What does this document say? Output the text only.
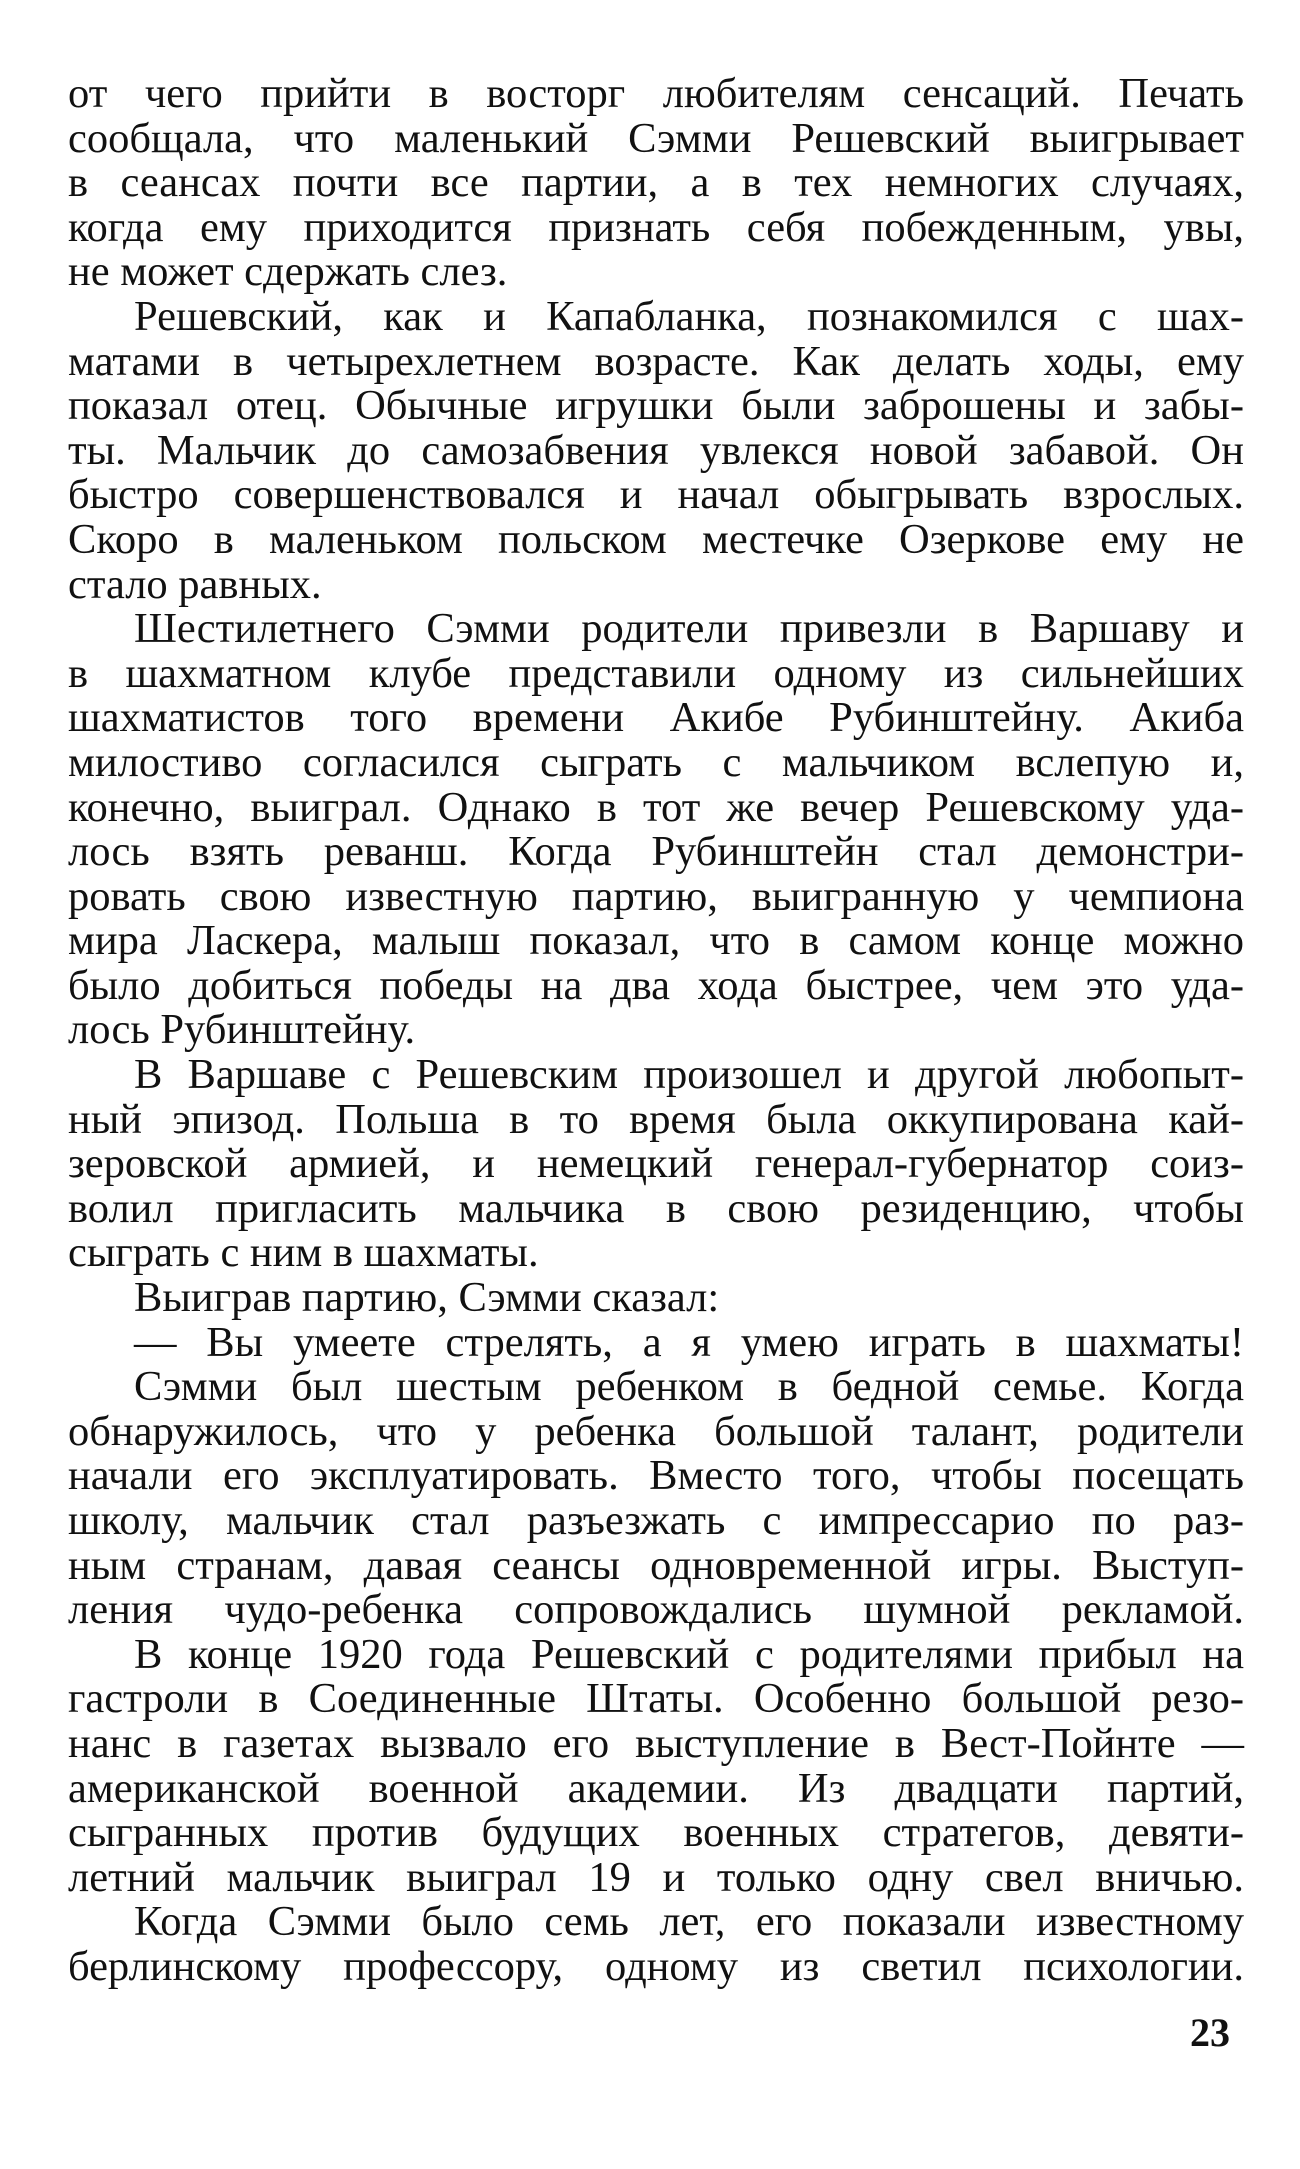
от чего прийти в восторг любителям сенсаций. Печать
сообщала, что маленький Сэмми Решевский выигрывает
в сеансах почти все партии, а в тех немногих случаях,
когда ему приходится признать себя побежденным, увы,
не может сдержать слез.
Решевский, как и Капабланка, познакомился с шах-
матами в четырехлетнем возрасте. Как делать ходы, ему
показал отец. Обычные игрушки были заброшены и забы-
ты. Мальчик до самозабвения увлекся новой забавой. Он
быстро совершенствовался и начал обыгрывать взрослых.
Скоро в маленьком польском местечке Озеркове ему не
стало равных.
Шестилетнего Сэмми родители привезли в Варшаву и
в шахматном клубе представили одному из сильнейших
шахматистов того времени Акибе Рубинштейну. Акиба
милостиво согласился сыграть с мальчиком вслепую и,
конечно, выиграл. Однако в тот же вечер Решевскому уда-
лось взять реванш. Когда Рубинштейн стал демонстри-
ровать свою известную партию, выигранную у чемпиона
мира Ласкера, малыш показал, что в самом конце можно
было добиться победы на два хода быстрее, чем это уда-
лось Рубинштейну.
В Варшаве с Решевским произошел и другой любопыт-
ный эпизод. Польша в то время была оккупирована кай-
зеровской армией, и немецкий генерал-губернатор соиз-
волил пригласить мальчика в свою резиденцию, чтобы
сыграть с ним в шахматы.
Выиграв партию, Сэмми сказал:
— Вы умеете стрелять, а я умею играть в шахматы!
Сэмми был шестым ребенком в бедной семье. Когда
обнаружилось, что у ребенка большой талант, родители
начали его эксплуатировать. Вместо того, чтобы посещать
школу, мальчик стал разъезжать с импрессарио по раз-
ным странам, давая сеансы одновременной игры. Выступ-
ления чудо-ребенка сопровождались шумной рекламой.
В конце 1920 года Решевский с родителями прибыл на
гастроли в Соединенные Штаты. Особенно большой резо-
нанс в газетах вызвало его выступление в Вест-Пойнте —
американской военной академии. Из двадцати партий,
сыгранных против будущих военных стратегов, девяти-
летний мальчик выиграл 19 и только одну свел вничью.
Когда Сэмми было семь лет, его показали известному
берлинскому профессору, одному из светил психологии.
23
